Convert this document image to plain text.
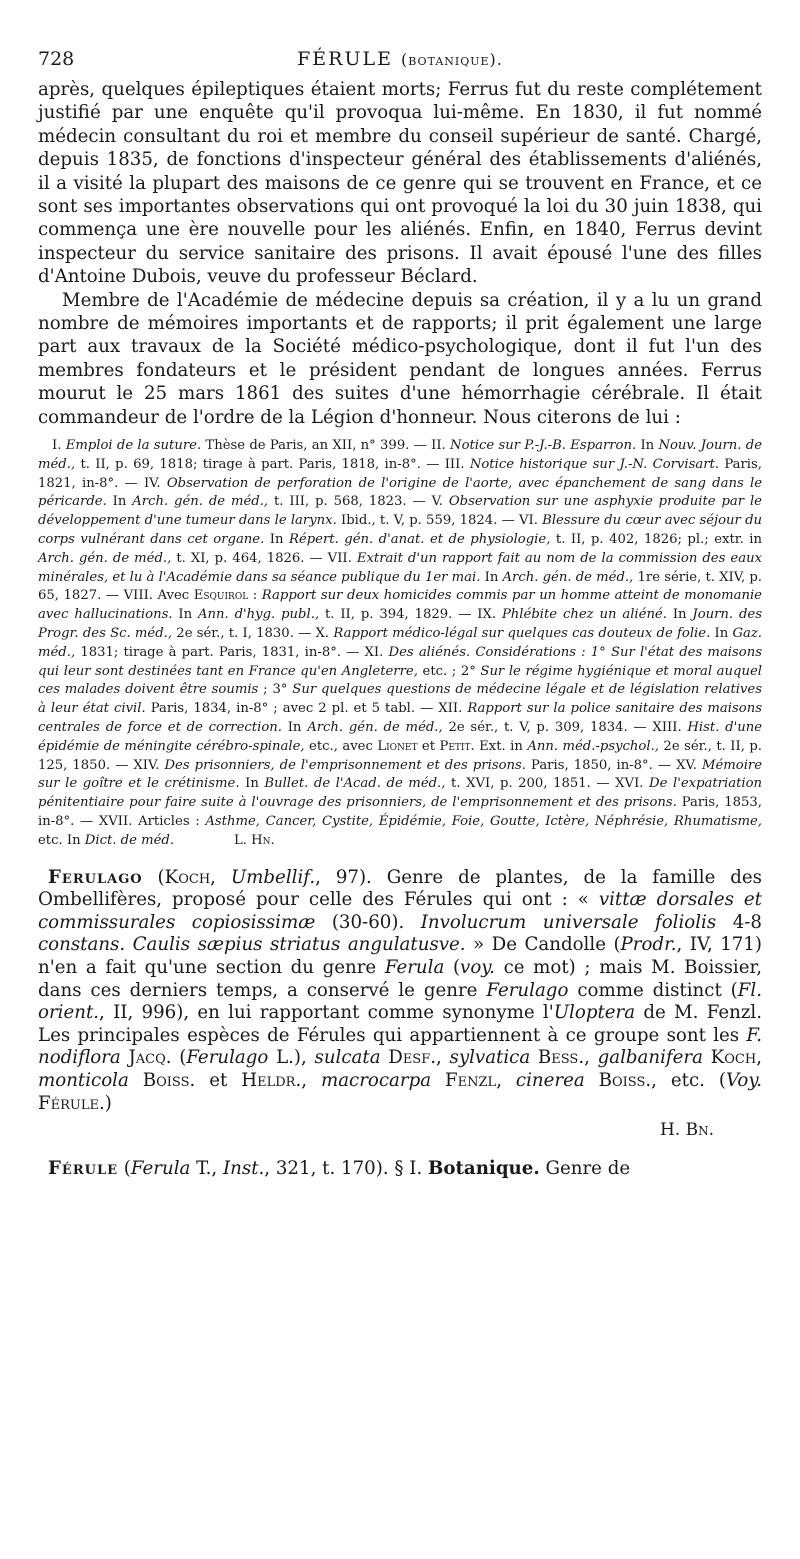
728	FÉRULE (botanique).

après, quelques épileptiques étaient morts; Ferrus fut du reste complétement justifié par une enquête qu'il provoqua lui-même. En 1830, il fut nommé médecin consultant du roi et membre du conseil supérieur de santé. Chargé, depuis 1835, de fonctions d'inspecteur général des établissements d'aliénés, il a visité la plupart des maisons de ce genre qui se trouvent en France, et ce sont ses importantes observations qui ont provoqué la loi du 30 juin 1838, qui commença une ère nouvelle pour les aliénés. Enfin, en 1840, Ferrus devint inspecteur du service sanitaire des prisons. Il avait épousé l'une des filles d'Antoine Dubois, veuve du professeur Béclard.

Membre de l'Académie de médecine depuis sa création, il y a lu un grand nombre de mémoires importants et de rapports; il prit également une large part aux travaux de la Société médico-psychologique, dont il fut l'un des membres fondateurs et le président pendant de longues années. Ferrus mourut le 25 mars 1861 des suites d'une hémorrhagie cérébrale. Il était commandeur de l'ordre de la Légion d'honneur. Nous citerons de lui :

I. Emploi de la suture. Thèse de Paris, an XII, n° 399. — II. Notice sur P.-J.-B. Esparron. In Nouv. Journ. de méd., t. II, p. 69, 1818; tirage à part. Paris, 1818, in-8°. — III. Notice historique sur J.-N. Corvisart. Paris, 1821, in-8°. — IV. Observation de perforation de l'origine de l'aorte, avec épanchement de sang dans le péricarde. In Arch. gén. de méd., t. III, p. 568, 1823. — V. Observation sur une asphyxie produite par le développement d'une tumeur dans le larynx. Ibid., t. V, p. 559, 1824. — VI. Blessure du cœur avec séjour du corps vulnérant dans cet organe. In Répert. gén. d'anat. et de physiologie, t. II, p. 402, 1826; pl.; extr. in Arch. gén. de méd., t. XI, p. 464, 1826. — VII. Extrait d'un rapport fait au nom de la commission des eaux minérales, et lu à l'Académie dans sa séance publique du 1er mai. In Arch. gén. de méd., 1re série, t. XIV, p. 65, 1827. — VIII. Avec Esquirol : Rapport sur deux homicides commis par un homme atteint de monomanie avec hallucinations. In Ann. d'hyg. publ., t. II, p. 394, 1829. — IX. Phlébite chez un aliéné. In Journ. des Progr. des Sc. méd., 2e sér., t. I, 1830. — X. Rapport médico-légal sur quelques cas douteux de folie. In Gaz. méd., 1831; tirage à part. Paris, 1831, in-8°. — XI. Des aliénés. Considérations : 1° Sur l'état des maisons qui leur sont destinées tant en France qu'en Angleterre, etc. ; 2° Sur le régime hygiénique et moral auquel ces malades doivent être soumis ; 3° Sur quelques questions de médecine légale et de législation relatives à leur état civil. Paris, 1834, in-8° ; avec 2 pl. et 5 tabl. — XII. Rapport sur la police sanitaire des maisons centrales de force et de correction. In Arch. gén. de méd., 2e sér., t. V, p. 309, 1834. — XIII. Hist. d'une épidémie de méningite cérébro-spinale, etc., avec Lionet et Petit. Ext. in Ann. méd.-psychol., 2e sér., t. II, p. 125, 1850. — XIV. Des prisonniers, de l'emprisonnement et des prisons. Paris, 1850, in-8°. — XV. Mémoire sur le goître et le crétinisme. In Bullet. de l'Acad. de méd., t. XVI, p. 200, 1851. — XVI. De l'expatriation pénitentiaire pour faire suite à l'ouvrage des prisonniers, de l'emprisonnement et des prisons. Paris, 1853, in-8°. — XVII. Articles : Asthme, Cancer, Cystite, Épidémie, Foie, Goutte, Ictère, Néphrésie, Rhumatisme, etc. In Dict. de méd.	L. Hn.

Ferulago (Koch, Umbellif., 97). Genre de plantes, de la famille des Ombellifères, proposé pour celle des Férules qui ont : « vittæ dorsales et commissurales copiosissimæ (30-60). Involucrum universale foliolis 4-8 constans. Caulis sæpius striatus angulatusve. » De Candolle (Prodr., IV, 171) n'en a fait qu'une section du genre Ferula (voy. ce mot) ; mais M. Boissier, dans ces derniers temps, a conservé le genre Ferulago comme distinct (Fl. orient., II, 996), en lui rapportant comme synonyme l'Uloptera de M. Fenzl. Les principales espèces de Férules qui appartiennent à ce groupe sont les F. nodiflora Jacq. (Ferulago L.), sulcata Desf., sylvatica Bess., galbanifera Koch, monticola Boiss. et Heldr., macrocarpa Fenzl, cinerea Boiss., etc. (Voy. Férule.)

H. Bn.

Férule (Ferula T., Inst., 321, t. 170). § I. Botanique. Genre de
